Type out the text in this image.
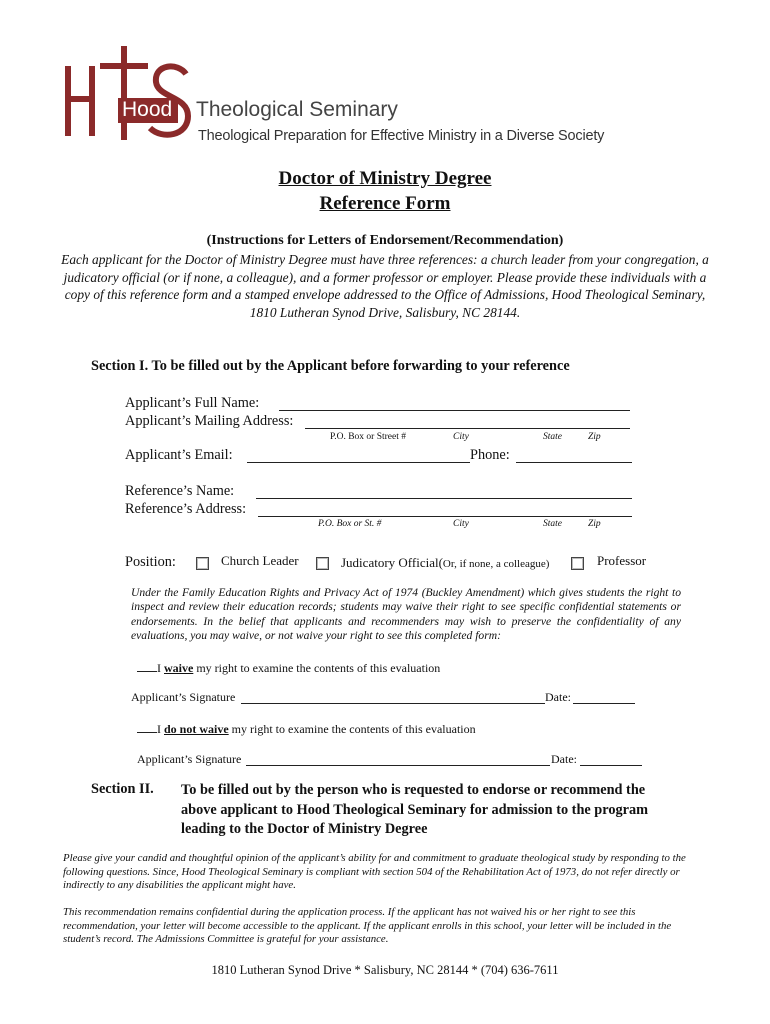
Hood Theological Seminary
Theological Preparation for Effective Ministry in a Diverse Society
Doctor of Ministry Degree
Reference Form
(Instructions for Letters of Endorsement/Recommendation)
Each applicant for the Doctor of Ministry Degree must have three references: a church leader from your congregation, a judicatory official (or if none, a colleague), and a former professor or employer. Please provide these individuals with a copy of this reference form and a stamped envelope addressed to the Office of Admissions, Hood Theological Seminary, 1810 Lutheran Synod Drive, Salisbury, NC 28144.
Section I. To be filled out by the Applicant before forwarding to your reference
Applicant’s Full Name:
Applicant’s Mailing Address:
P.O. Box or Street #	City	State	Zip
Applicant’s Email:	Phone:
Reference’s Name:
Reference’s Address:
P.O. Box or St. #	City	State	Zip
Position:	Church Leader	Judicatory Official(Or, if none, a colleague)	Professor
Under the Family Education Rights and Privacy Act of 1974 (Buckley Amendment) which gives students the right to inspect and review their education records; students may waive their right to see specific confidential statements or endorsements. In the belief that applicants and recommenders may wish to preserve the confidentiality of any evaluations, you may waive, or not waive your right to see this completed form:
I waive my right to examine the contents of this evaluation
Applicant’s Signature	Date:
I do not waive my right to examine the contents of this evaluation
Applicant’s Signature	Date:
Section II. To be filled out by the person who is requested to endorse or recommend the above applicant to Hood Theological Seminary for admission to the program leading to the Doctor of Ministry Degree
Please give your candid and thoughtful opinion of the applicant’s ability for and commitment to graduate theological study by responding to the following questions. Since, Hood Theological Seminary is compliant with section 504 of the Rehabilitation Act of 1973, do not refer directly or indirectly to any disabilities the applicant might have.
This recommendation remains confidential during the application process. If the applicant has not waived his or her right to see this recommendation, your letter will become accessible to the applicant. If the applicant enrolls in this school, your letter will be included in the student’s record. The Admissions Committee is grateful for your assistance.
1810 Lutheran Synod Drive * Salisbury, NC 28144 * (704) 636-7611
